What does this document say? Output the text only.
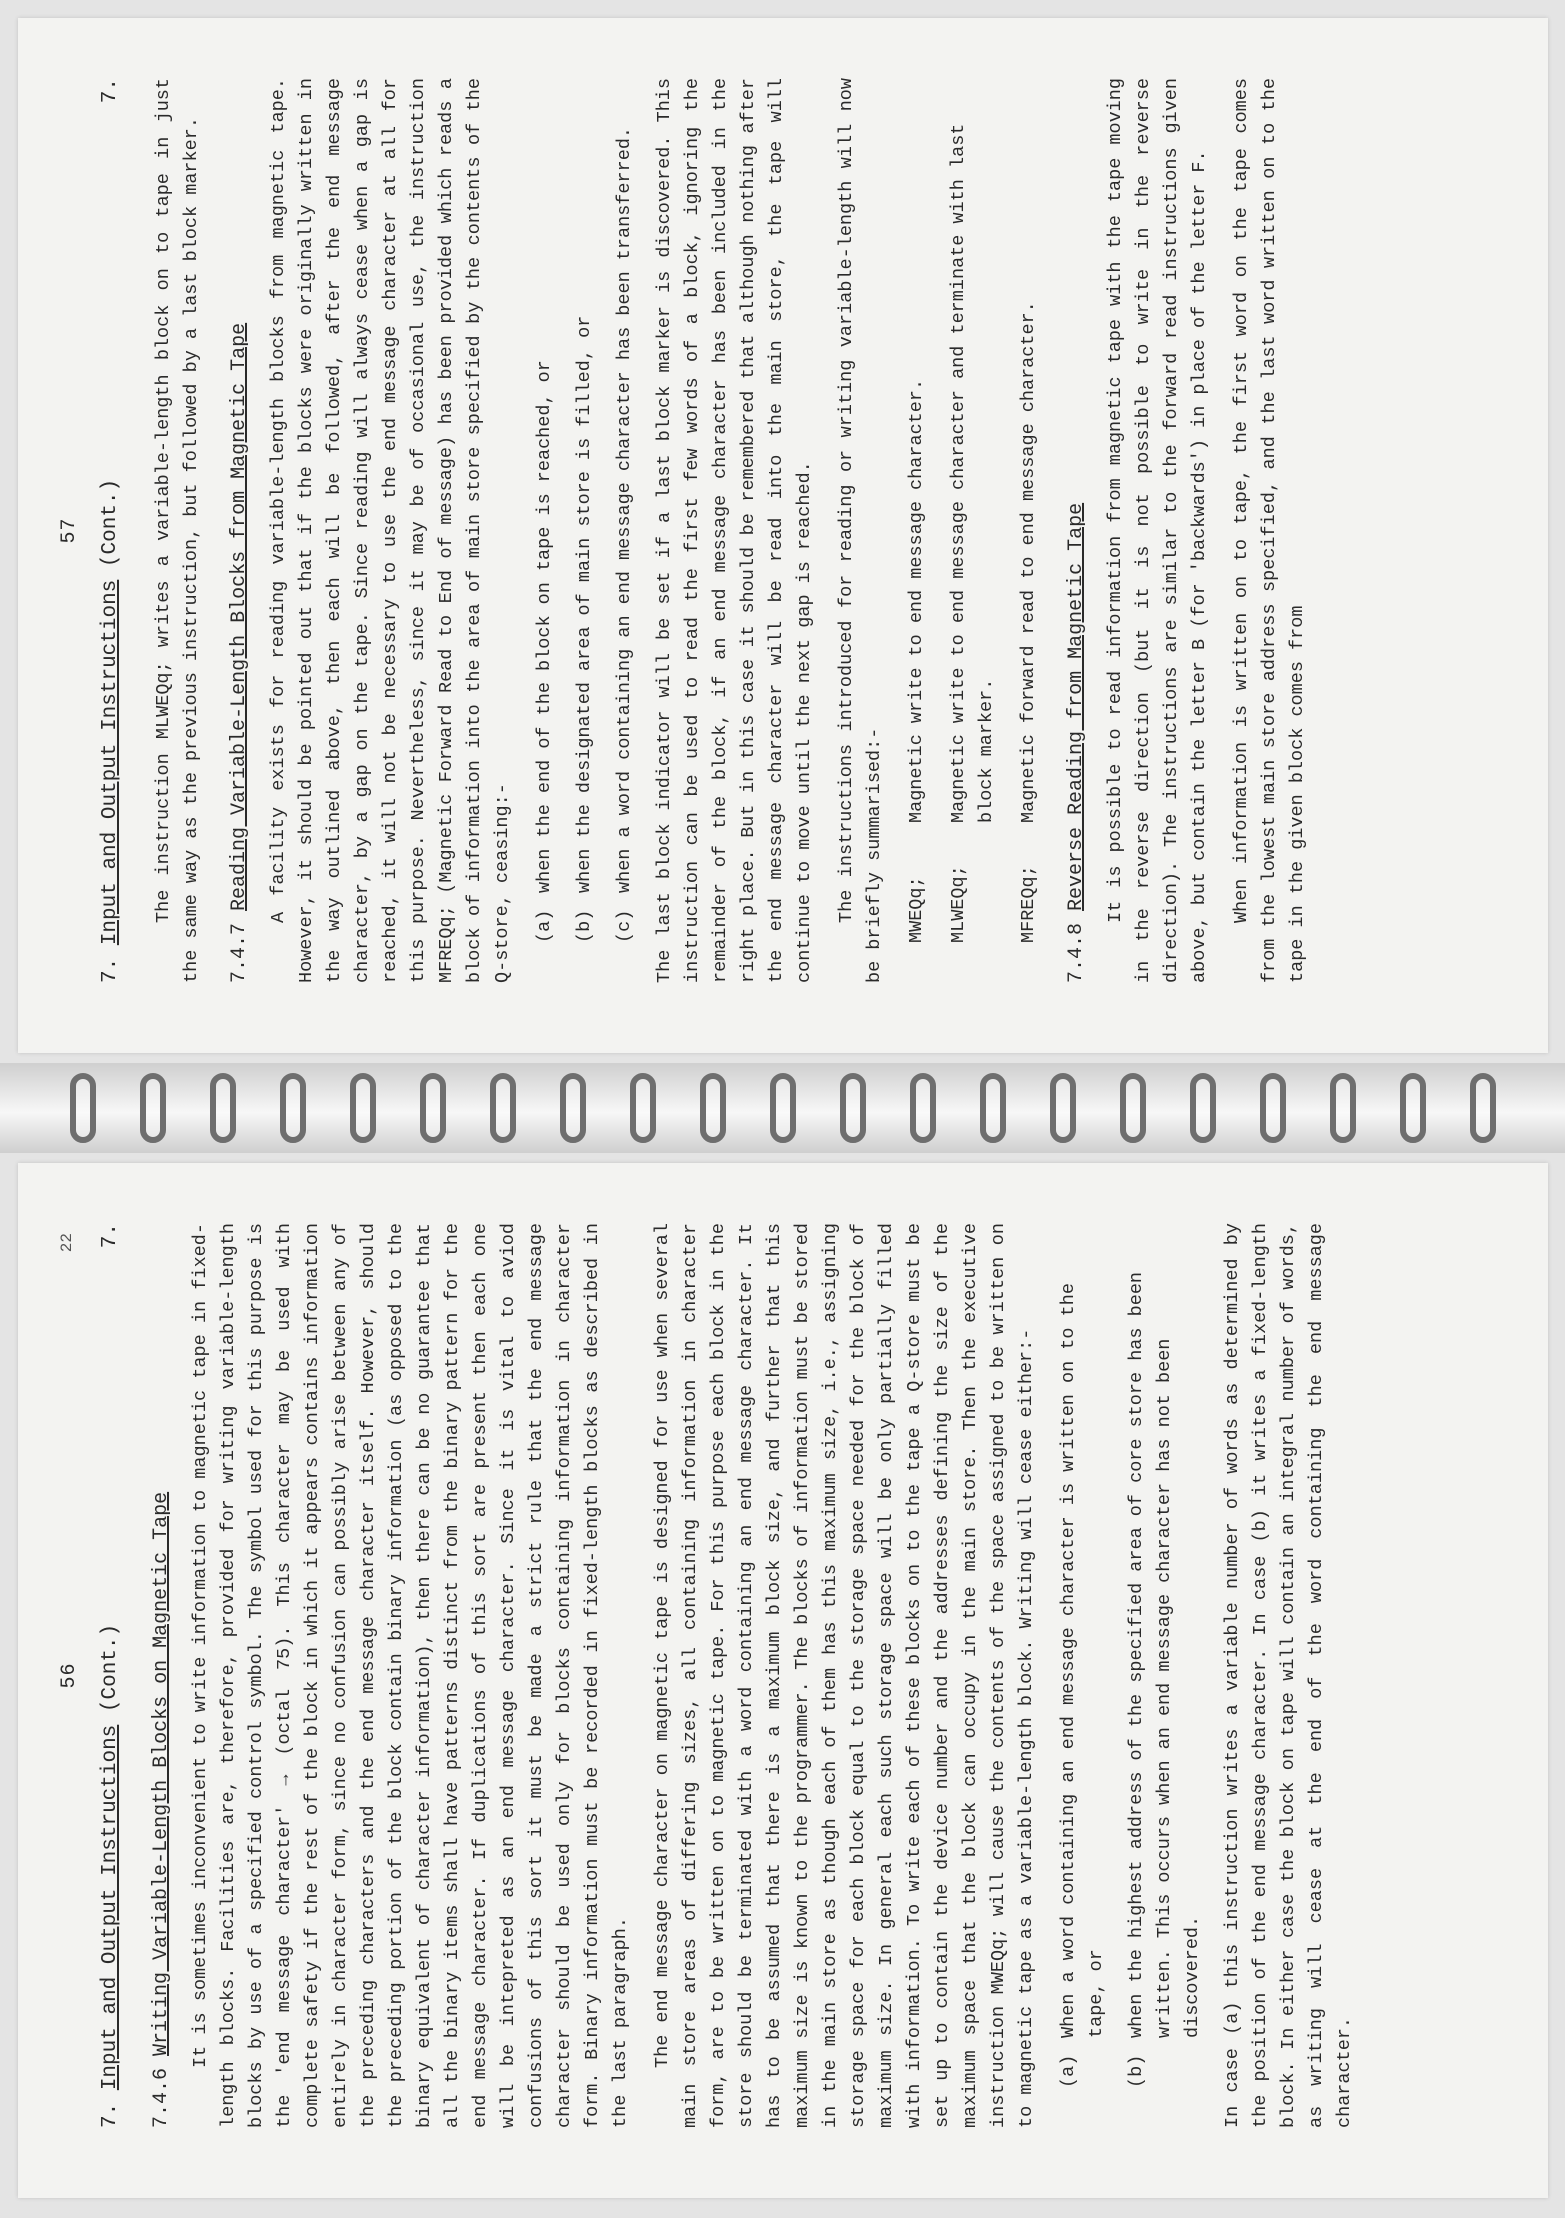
56
7. Input and Output Instructions (Cont.)
7.
7.4.6 Writing Variable-Length Blocks on Magnetic Tape It is sometimes inconvenient to write information to magnetic tape in fixed-length blocks. Facilities are, therefore, provided for writing variable-length blocks by use of a specified control symbol. The symbol used for this purpose is the 'end message character' → (octal 75). This character may be used with complete safety if the rest of the block in which it appears contains information entirely in character form, since no confusion can possibly arise between any of the preceding characters and the end message character itself. However, should the preceding portion of the block contain binary information (as opposed to the binary equivalent of character information), then there can be no guarantee that all the binary items shall have patterns distinct from the binary pattern for the end message character. If duplications of this sort are present then each one will be intepreted as an end message character. Since it is vital to aviod confusions of this sort it must be made a strict rule that the end message character should be used only for blocks containing information in character form. Binary information must be recorded in fixed-length blocks as described in the last paragraph. The end message character on magnetic tape is designed for use when several main store areas of differing sizes, all containing information in character form, are to be written on to magnetic tape. For this purpose each block in the store should be terminated with a word containing an end message character. It has to be assumed that there is a maximum block size, and further that this maximum size is known to the programmer. The blocks of information must be stored in the main store as though each of them has this maximum size, i.e., assigning storage space for each block equal to the storage space needed for the block of maximum size. In general each such storage space will be only partially filled with information. To write each of these blocks on to the tape a Q-store must be set up to contain the device number and the addresses defining the size of the maximum space that the block can occupy in the main store. Then the executive instruction MWEQq; will cause the contents of the space assigned to be written on to magnetic tape as a variable-length block. Writing will cease either:- (a)
When a word containing an end message character is written on to the tape, or
(b)
when the highest address of the specified area of core store has been written. This occurs when an end message character has not been discovered. In case (a) this instruction writes a variable number of words as determined by the position of the end message character. In case (b) it writes a fixed-length block. In either case the block on tape will contain an integral number of words, as writing will cease at the end of the word containing the end message character.

22
57
7. Input and Output Instructions (Cont.)
7. The instruction MLWEQq; writes a variable-length block on to tape in just the same way as the previous instruction, but followed by a last block marker. 7.4.7 Reading Variable-Length Blocks from Magnetic Tape A facility exists for reading variable-length blocks from magnetic tape. However, it should be pointed out that if the blocks were originally written in the way outlined above, then each will be followed, after the end message character, by a gap on the tape. Since reading will always cease when a gap is reached, it will not be necessary to use the end message character at all for this purpose. Nevertheless, since it may be of occasional use, the instruction MFREQq; (Magnetic Forward Read to End of message) has been provided which reads a block of information into the area of main store specified by the contents of the Q-store, ceasing:- (a)
when the end of the block on tape is reached, or
(b)
when the designated area of main store is filled, or
(c)
when a word containing an end message character has been transferred. The last block indicator will be set if a last block marker is discovered. This instruction can be used to read the first few words of a block, ignoring the remainder of the block, if an end message character has been included in the right place. But in this case it should be remembered that although nothing after the end message character will be read into the main store, the tape will continue to move until the next gap is reached. The instructions introduced for reading or writing variable-length will now be briefly summarised:- MWEQq;
Magnetic write to end message character.
MLWEQq;
Magnetic write to end message character and terminate with last block marker.
MFREQq;
Magnetic forward read to end message character.
7.4.8 Reverse Reading from Magnetic Tape It is possible to read information from magnetic tape with the tape moving in the reverse direction (but it is not possible to write in the reverse direction). The instructions are similar to the forward read instructions given above, but contain the letter B (for 'backwards') in place of the letter F. When information is written on to tape, the first word on the tape comes from the lowest main store address specified, and the last word written on to the tape in the given block comes from
